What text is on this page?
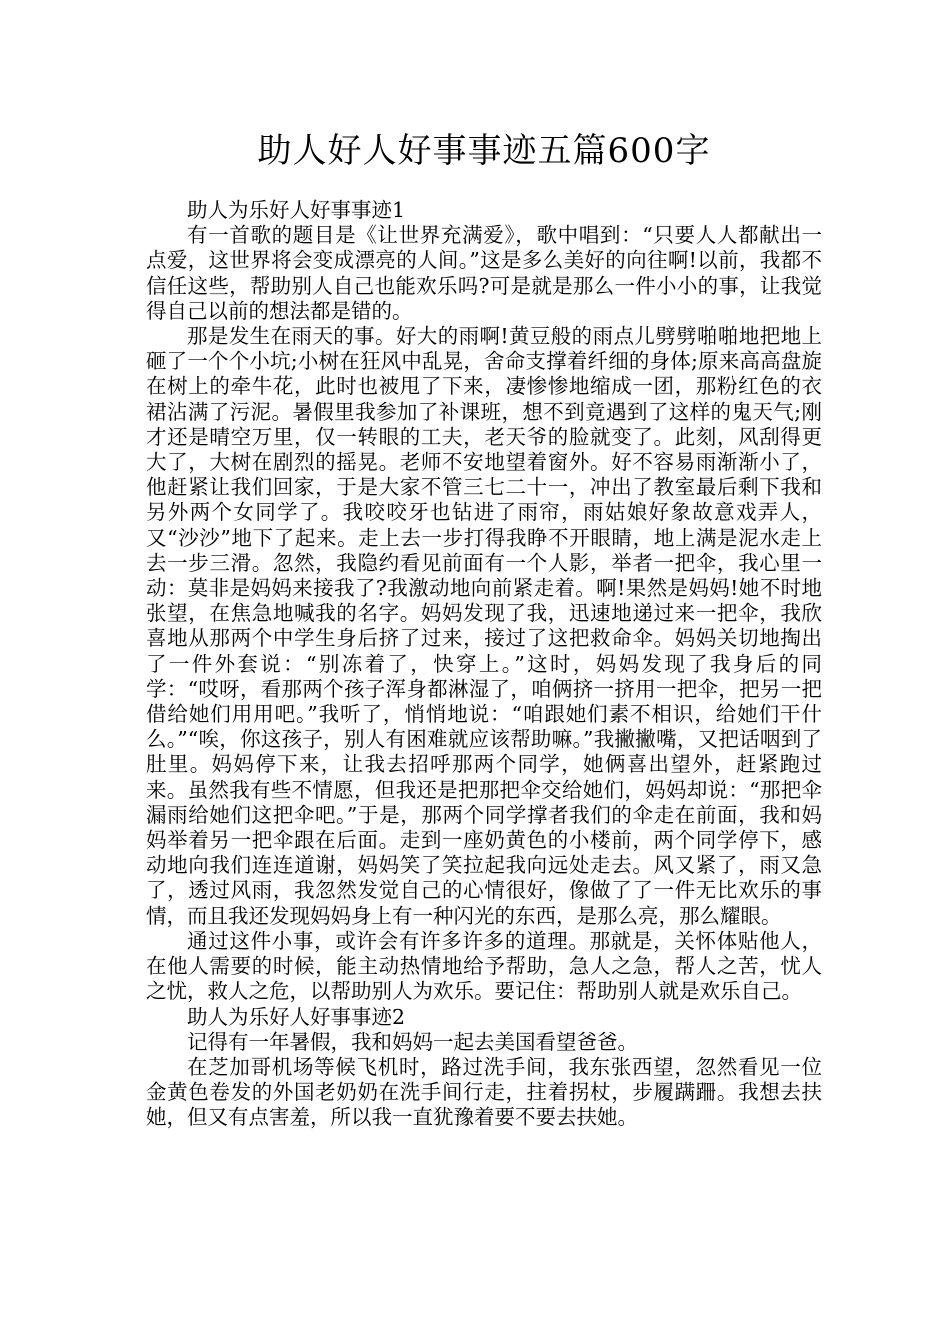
助人好人好事事迹五篇600字

助人为乐好人好事事迹1

有一首歌的题目是《让世界充满爱》，歌中唱到：“只要人人都献出一点爱，这世界将会变成漂亮的人间。”这是多么美好的向往啊!以前，我都不信任这些，帮助别人自己也能欢乐吗?可是就是那么一件小小的事，让我觉得自己以前的想法都是错的。

那是发生在雨天的事。好大的雨啊!黄豆般的雨点儿劈劈啪啪地把地上砸了一个个小坑;小树在狂风中乱晃，舍命支撑着纤细的身体;原来高高盘旋在树上的牵牛花，此时也被甩了下来，凄惨惨地缩成一团，那粉红色的衣裙沾满了污泥。暑假里我参加了补课班，想不到竟遇到了这样的鬼天气;刚才还是晴空万里，仅一转眼的工夫，老天爷的脸就变了。此刻，风刮得更大了，大树在剧烈的摇晃。老师不安地望着窗外。好不容易雨渐渐小了，他赶紧让我们回家，于是大家不管三七二十一，冲出了教室最后剩下我和另外两个女同学了。我咬咬牙也钻进了雨帘，雨姑娘好象故意戏弄人，又“沙沙”地下了起来。走上去一步打得我睁不开眼睛，地上满是泥水走上去一步三滑。忽然，我隐约看见前面有一个人影，举者一把伞，我心里一动：莫非是妈妈来接我了?我激动地向前紧走着。啊!果然是妈妈!她不时地张望，在焦急地喊我的名字。妈妈发现了我，迅速地递过来一把伞，我欣喜地从那两个中学生身后挤了过来，接过了这把救命伞。妈妈关切地掏出了一件外套说：“别冻着了，快穿上。”这时，妈妈发现了我身后的同学：“哎呀，看那两个孩子浑身都淋湿了，咱俩挤一挤用一把伞，把另一把借给她们用用吧。”我听了，悄悄地说：“咱跟她们素不相识，给她们干什么。”“唉，你这孩子，别人有困难就应该帮助嘛。”我撇撇嘴，又把话咽到了肚里。妈妈停下来，让我去招呼那两个同学，她俩喜出望外，赶紧跑过来。虽然我有些不情愿，但我还是把那把伞交给她们，妈妈却说：“那把伞漏雨给她们这把伞吧。”于是，那两个同学撑者我们的伞走在前面，我和妈妈举着另一把伞跟在后面。走到一座奶黄色的小楼前，两个同学停下，感动地向我们连连道谢，妈妈笑了笑拉起我向远处走去。风又紧了，雨又急了，透过风雨，我忽然发觉自己的心情很好，像做了了一件无比欢乐的事情，而且我还发现妈妈身上有一种闪光的东西，是那么亮，那么耀眼。

通过这件小事，或许会有许多许多的道理。那就是，关怀体贴他人，在他人需要的时候，能主动热情地给予帮助，急人之急，帮人之苦，忧人之忧，救人之危，以帮助别人为欢乐。要记住：帮助别人就是欢乐自己。

助人为乐好人好事事迹2

记得有一年暑假，我和妈妈一起去美国看望爸爸。

在芝加哥机场等候飞机时，路过洗手间，我东张西望，忽然看见一位金黄色卷发的外国老奶奶在洗手间行走，拄着拐杖，步履蹒跚。我想去扶她，但又有点害羞，所以我一直犹豫着要不要去扶她。
